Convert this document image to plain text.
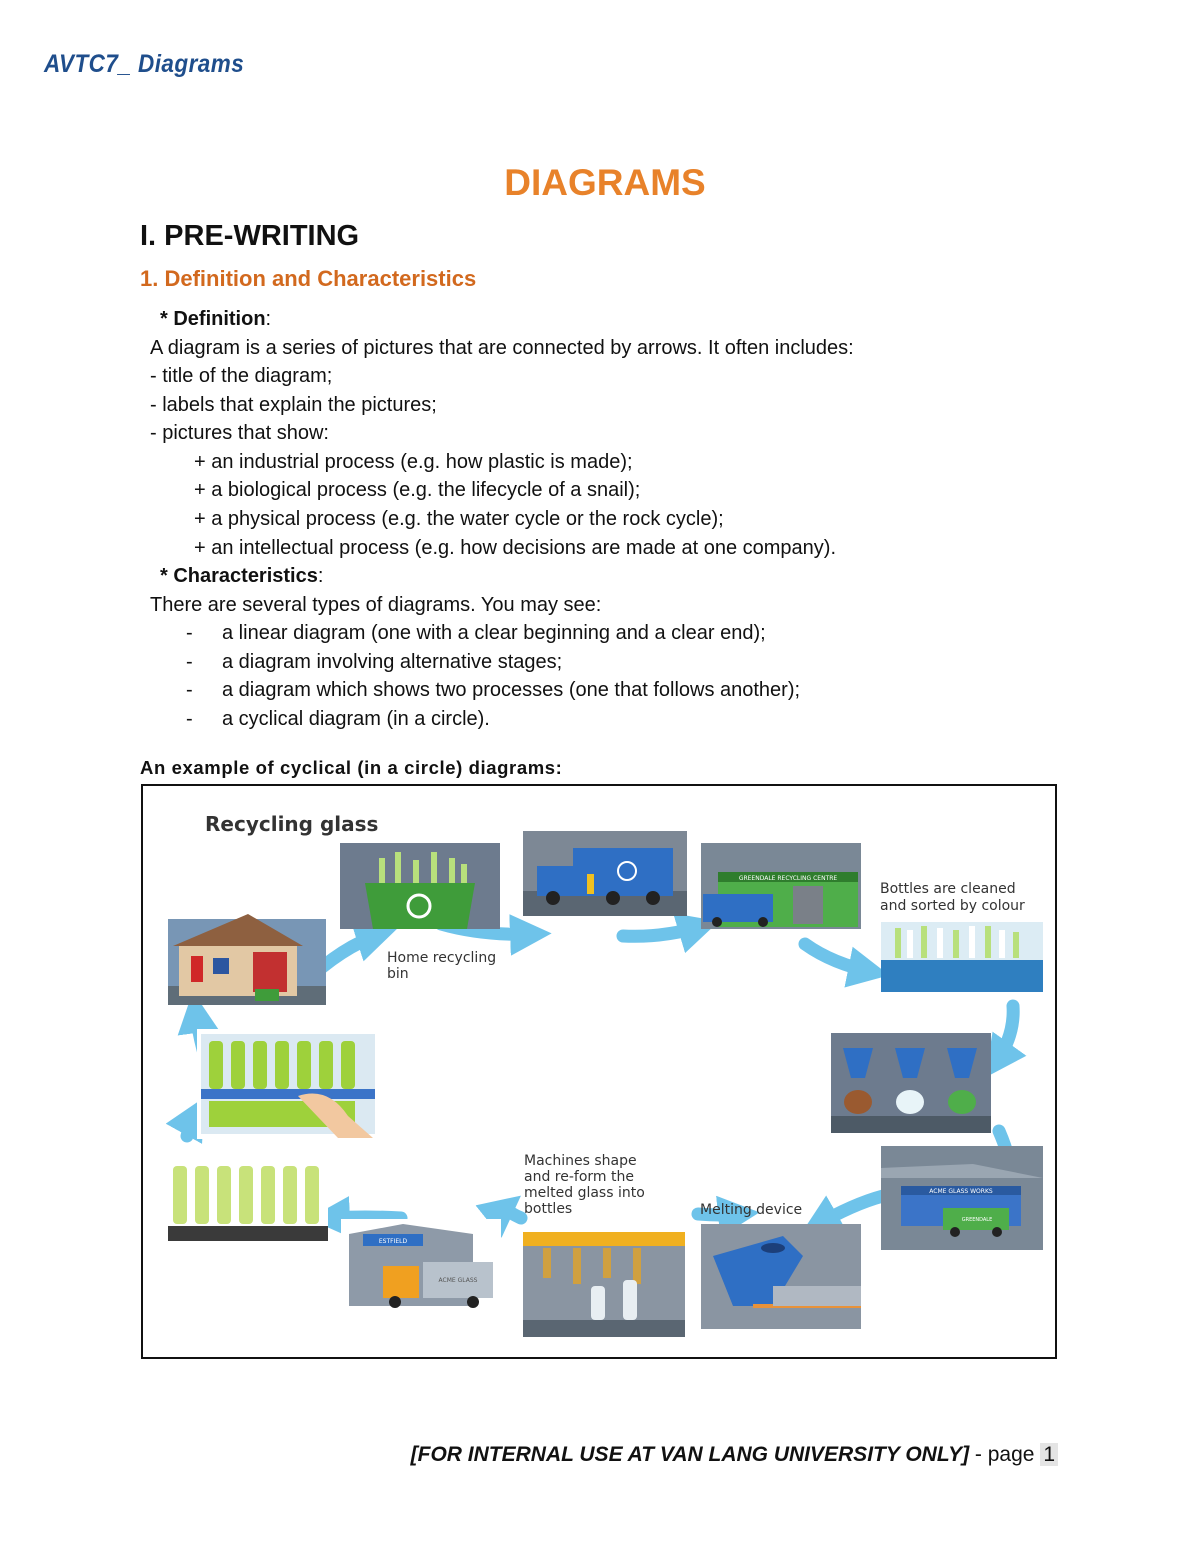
AVTC7_ Diagrams
DIAGRAMS
I. PRE-WRITING
1. Definition and Characteristics
* Definition:
A diagram is a series of pictures that are connected by arrows. It often includes:
- title of the diagram;
- labels that explain the pictures;
- pictures that show:
+ an industrial process (e.g. how plastic is made);
+ a biological process (e.g. the lifecycle of a snail);
+ a physical process (e.g. the water cycle or the rock cycle);
+ an intellectual process (e.g. how decisions are made at one company).
* Characteristics:
There are several types of diagrams. You may see:
- a linear diagram (one with a clear beginning and a clear end);
- a diagram involving alternative stages;
- a diagram which shows two processes (one that follows another);
- a cyclical diagram (in a circle).
An example of cyclical (in a circle) diagrams:
Recycling glass
GREENDALE RECYCLING CENTRE
ACME GLASS WORKS
GREENDALE
ESTFIELD
ACME GLASS
Home recycling
bin
Bottles are cleaned
and sorted by colour
Machines shape
and re-form the
melted glass into
bottles	Melting device
[FOR INTERNAL USE AT VAN LANG UNIVERSITY ONLY] - page 1
